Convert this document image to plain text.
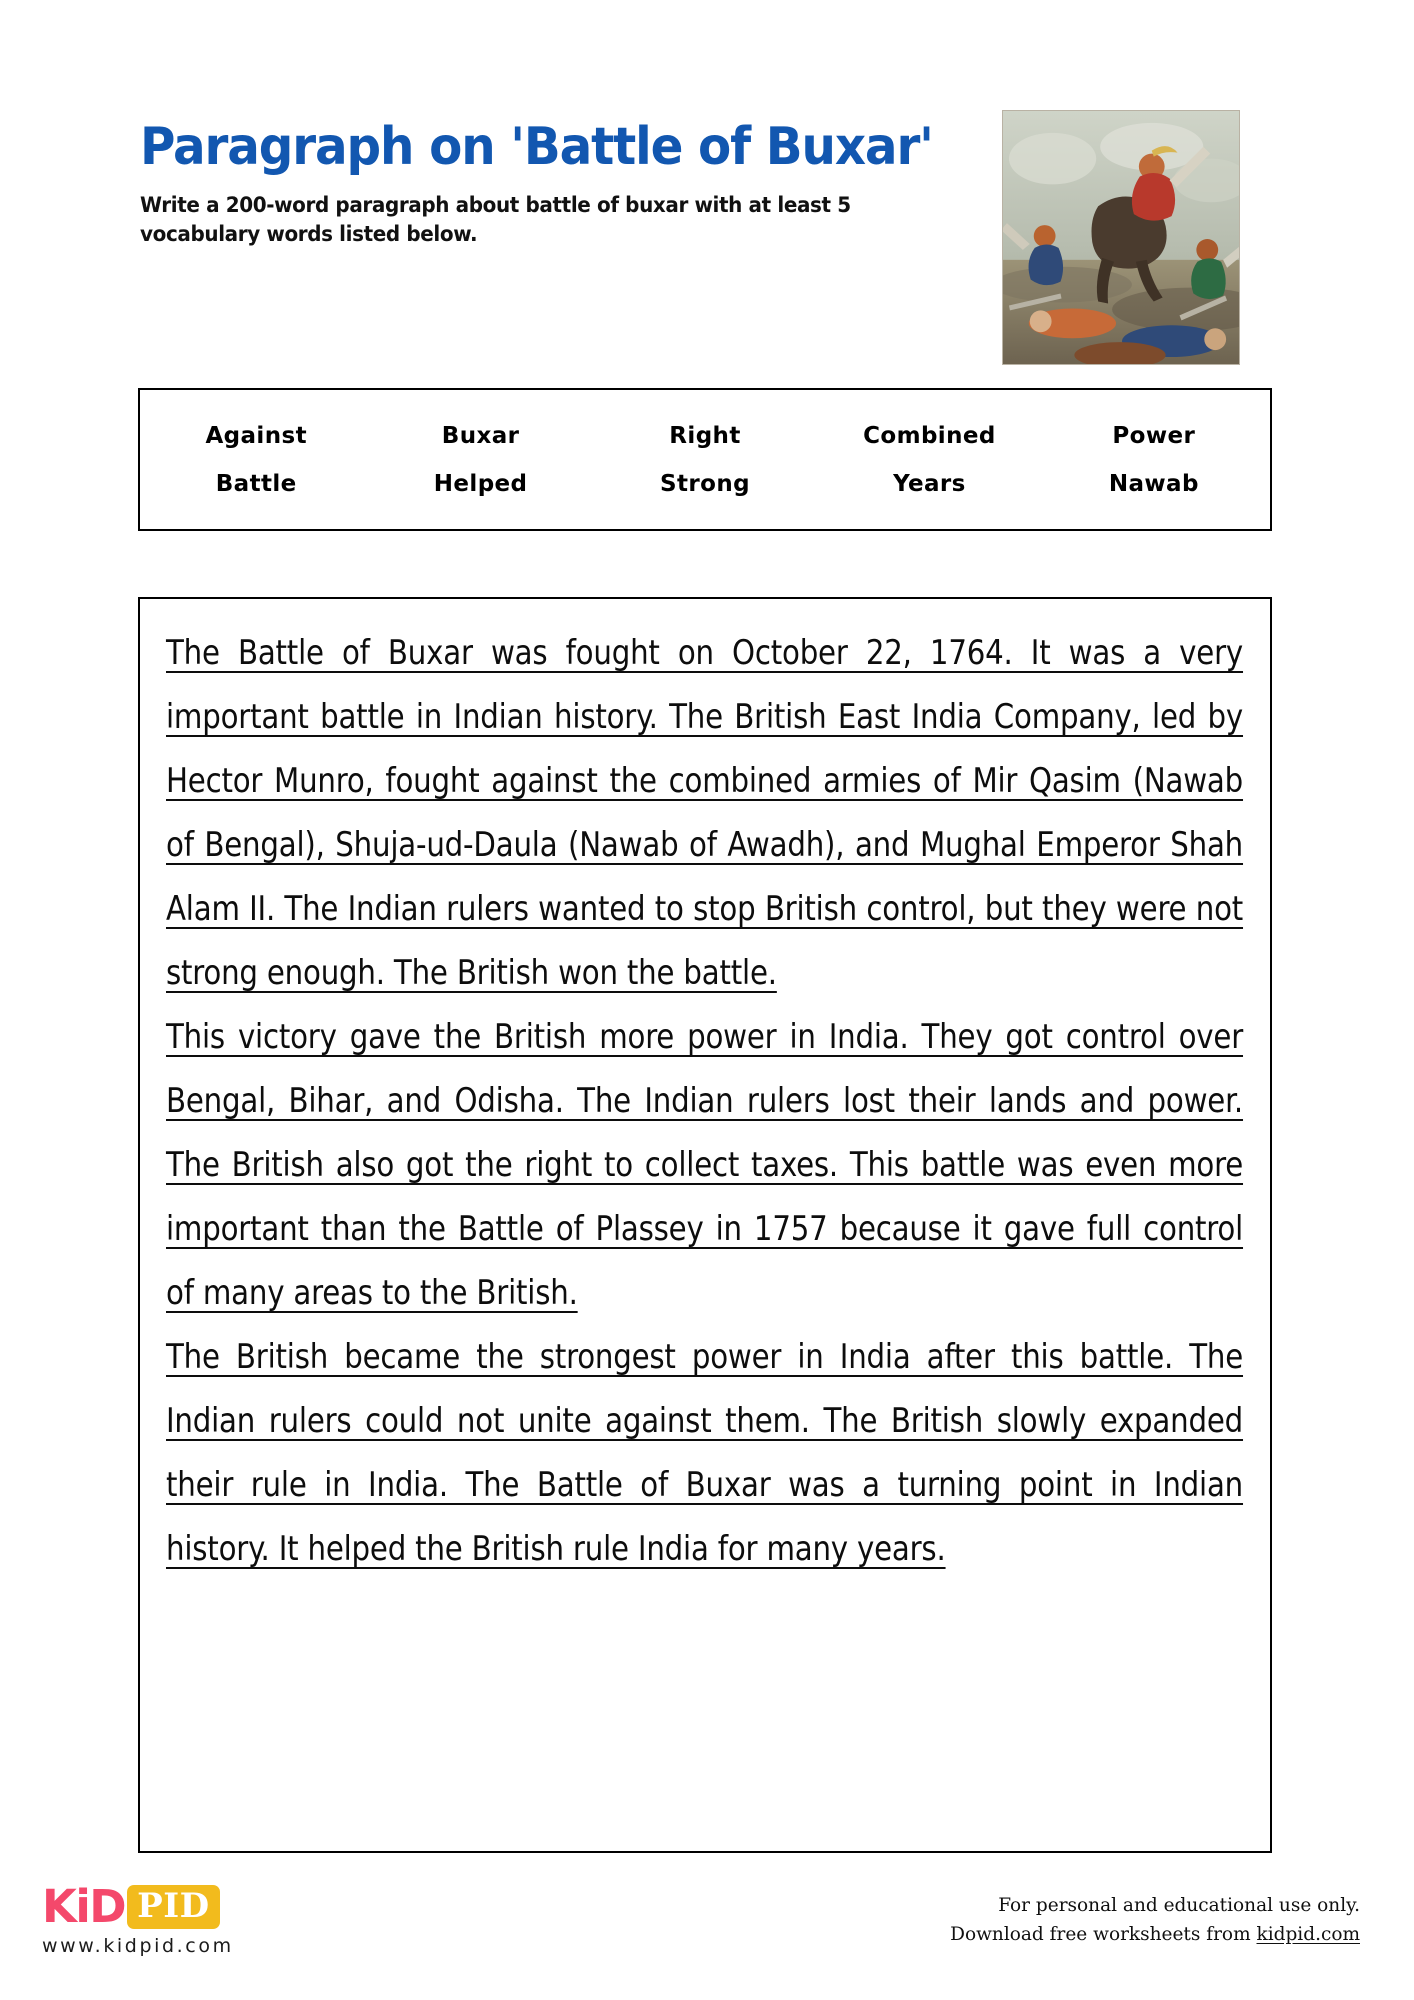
Paragraph on 'Battle of Buxar'
Write a 200-word paragraph about battle of buxar with at least 5 vocabulary words listed below.
Against	Buxar	Right	Combined	Power
Battle	Helped	Strong	Years	Nawab

The Battle of Buxar was fought on October 22, 1764. It was a very important battle in Indian history. The British East India Company, led by Hector Munro, fought against the combined armies of Mir Qasim (Nawab of Bengal), Shuja-ud-Daula (Nawab of Awadh), and Mughal Emperor Shah Alam II. The Indian rulers wanted to stop British control, but they were not strong enough. The British won the battle.

This victory gave the British more power in India. They got control over Bengal, Bihar, and Odisha. The Indian rulers lost their lands and power. The British also got the right to collect taxes. This battle was even more important than the Battle of Plassey in 1757 because it gave full control of many areas to the British.

The British became the strongest power in India after this battle. The Indian rulers could not unite against them. The British slowly expanded their rule in India. The Battle of Buxar was a turning point in Indian history. It helped the British rule India for many years.

KiD PID
www.kidpid.com
For personal and educational use only.
Download free worksheets from kidpid.com
